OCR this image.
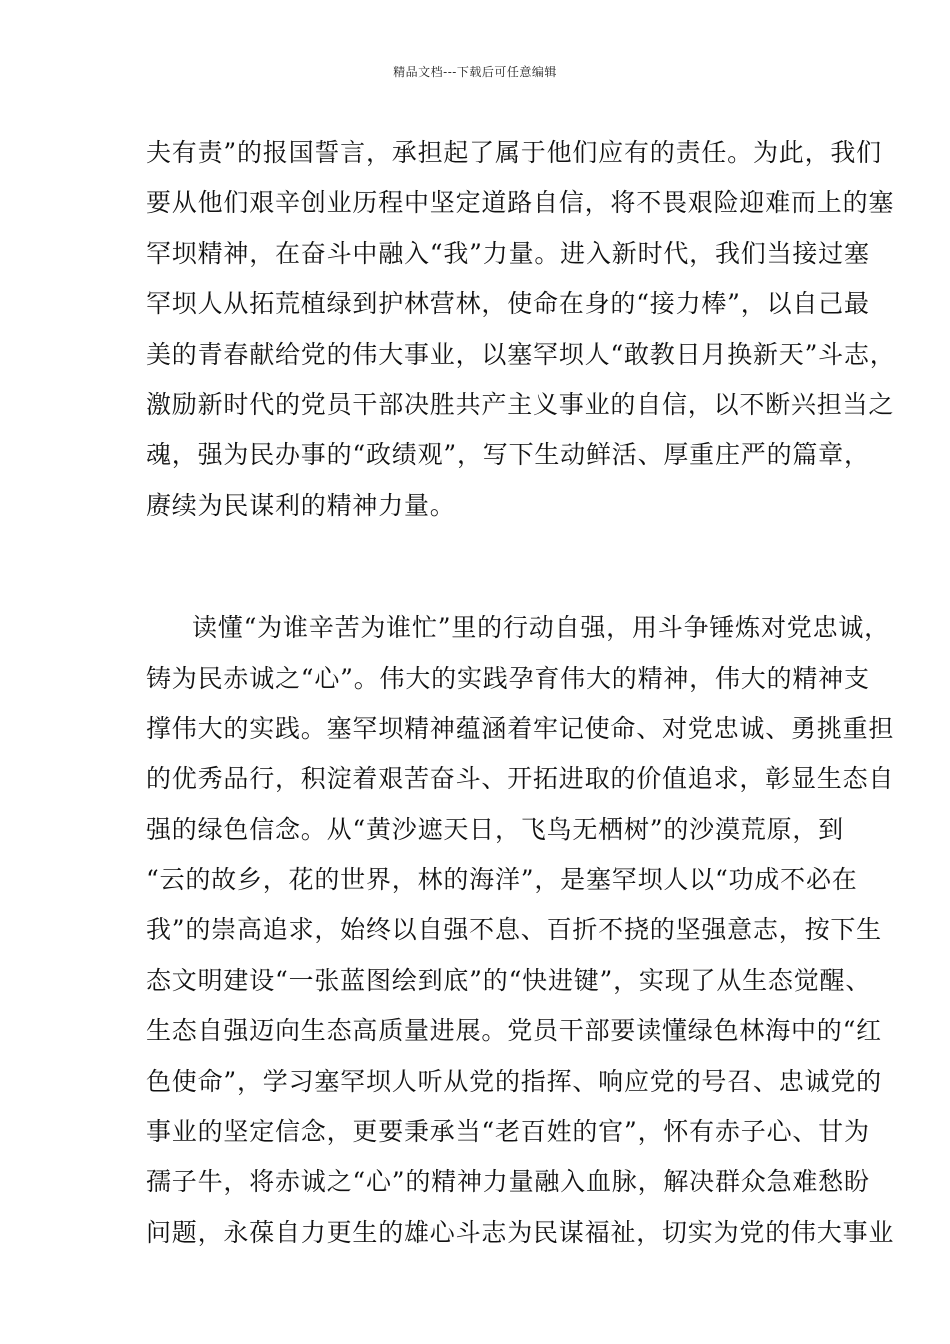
精品文档---下载后可任意编辑
夫有责”的报国誓言，承担起了属于他们应有的责任。为此，我们
要从他们艰辛创业历程中坚定道路自信，将不畏艰险迎难而上的塞
罕坝精神，在奋斗中融入“我”力量。进入新时代，我们当接过塞
罕坝人从拓荒植绿到护林营林，使命在身的“接力棒”，以自己最
美的青春献给党的伟大事业，以塞罕坝人“敢教日月换新天”斗志，
激励新时代的党员干部决胜共产主义事业的自信，以不断兴担当之
魂，强为民办事的“政绩观”，写下生动鲜活、厚重庄严的篇章，
赓续为民谋利的精神力量。
读懂“为谁辛苦为谁忙”里的行动自强，用斗争锤炼对党忠诚，
铸为民赤诚之“心”。伟大的实践孕育伟大的精神，伟大的精神支
撑伟大的实践。塞罕坝精神蕴涵着牢记使命、对党忠诚、勇挑重担
的优秀品行，积淀着艰苦奋斗、开拓进取的价值追求，彰显生态自
强的绿色信念。从“黄沙遮天日，飞鸟无栖树”的沙漠荒原，到
“云的故乡，花的世界，林的海洋”，是塞罕坝人以“功成不必在
我”的崇高追求，始终以自强不息、百折不挠的坚强意志，按下生
态文明建设“一张蓝图绘到底”的“快进键”，实现了从生态觉醒、
生态自强迈向生态高质量进展。党员干部要读懂绿色林海中的“红
色使命”，学习塞罕坝人听从党的指挥、响应党的号召、忠诚党的
事业的坚定信念，更要秉承当“老百姓的官”，怀有赤子心、甘为
孺子牛，将赤诚之“心”的精神力量融入血脉，解决群众急难愁盼
问题，永葆自力更生的雄心斗志为民谋福祉，切实为党的伟大事业
